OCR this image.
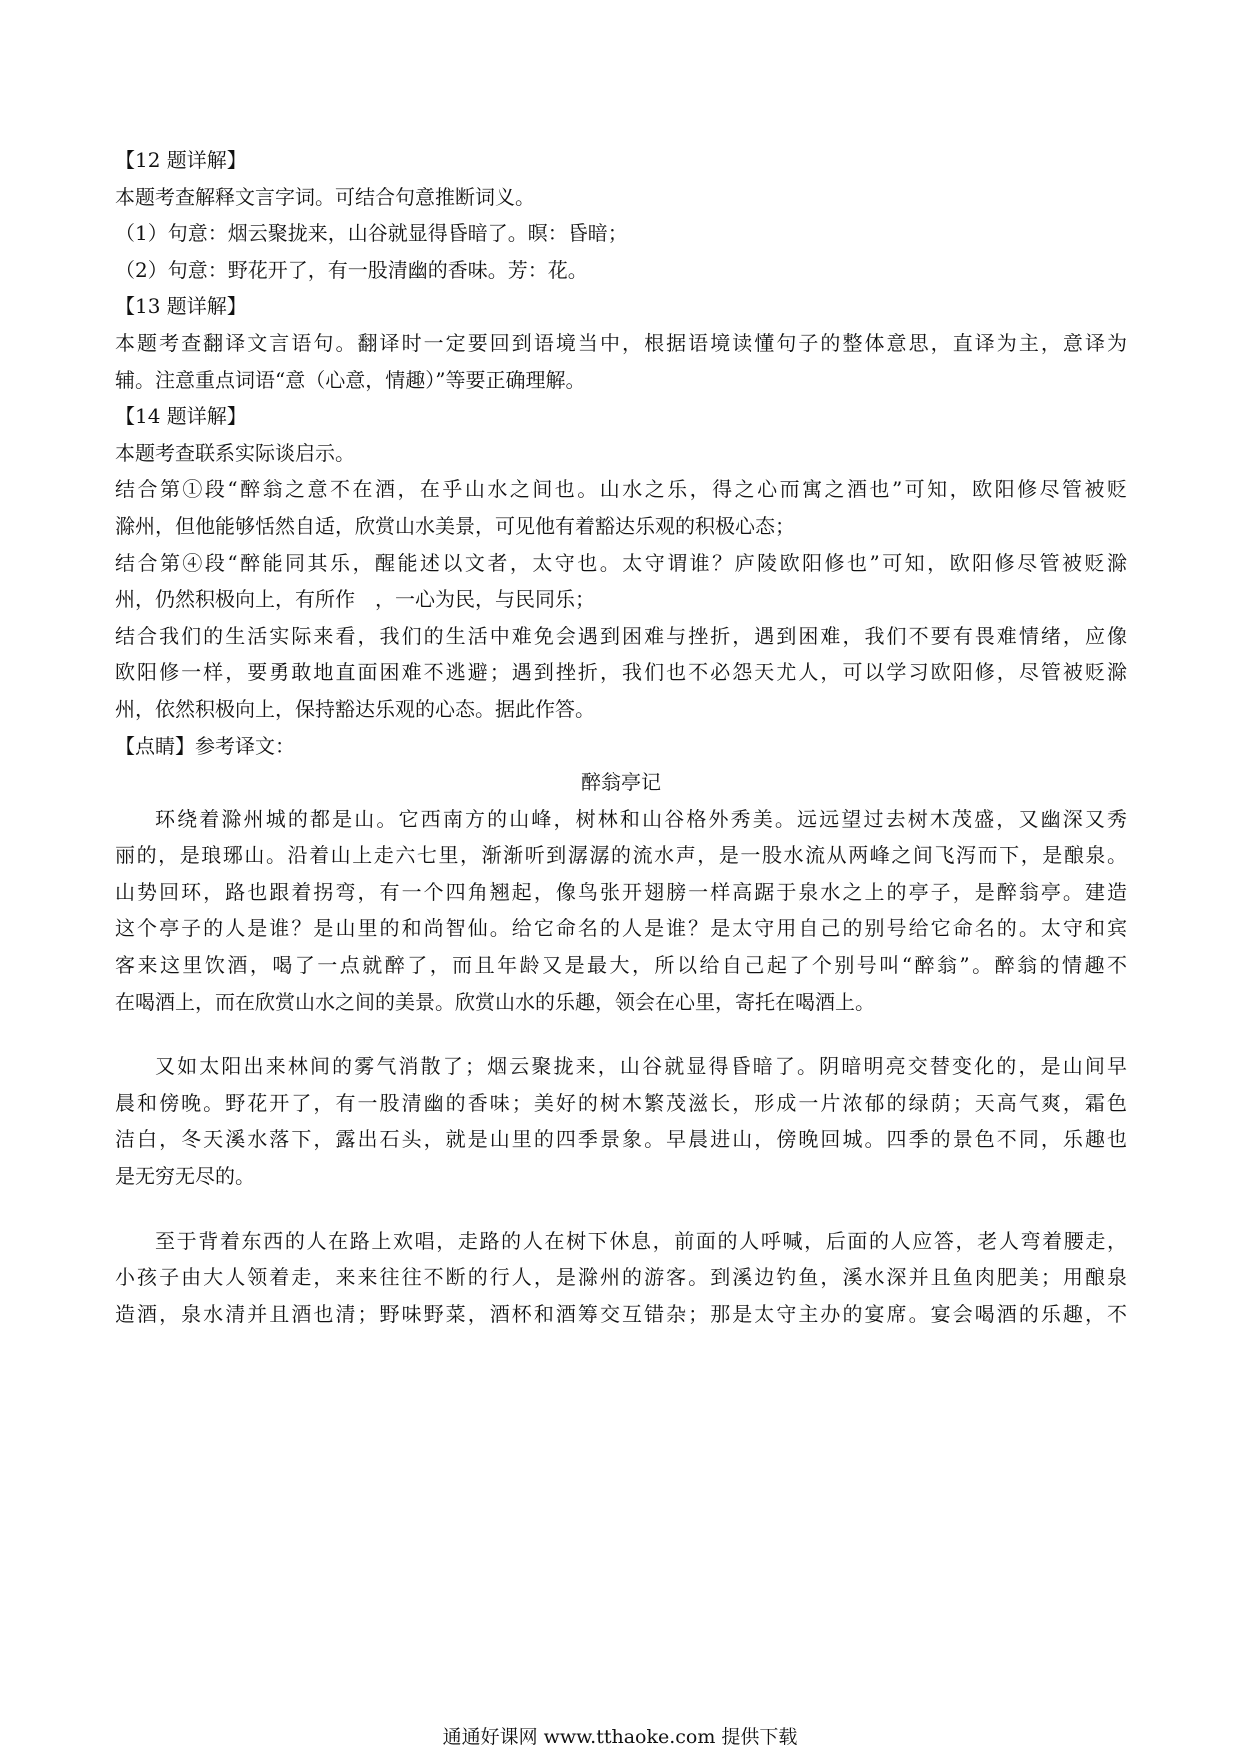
【12 题详解】
本题考查解释文言字词。可结合句意推断词义。
（1）句意：烟云聚拢来，山谷就显得昏暗了。暝：昏暗；
（2）句意：野花开了，有一股清幽的香味。芳：花。
【13 题详解】
本题考查翻译文言语句。翻译时一定要回到语境当中，根据语境读懂句子的整体意思，直译为主，意译为
辅。注意重点词语“意（心意，情趣）”等要正确理解。
【14 题详解】
本题考查联系实际谈启示。
结合第①段“醉翁之意不在酒，在乎山水之间也。山水之乐，得之心而寓之酒也”可知，欧阳修尽管被贬
滁州，但他能够恬然自适，欣赏山水美景，可见他有着豁达乐观的积极心态；
结合第④段“醉能同其乐，醒能述以文者，太守也。太守谓谁？庐陵欧阳修也”可知，欧阳修尽管被贬滁
州，仍然积极向上，有所作　，一心为民，与民同乐；
结合我们的生活实际来看，我们的生活中难免会遇到困难与挫折，遇到困难，我们不要有畏难情绪，应像
欧阳修一样，要勇敢地直面困难不逃避；遇到挫折，我们也不必怨天尤人，可以学习欧阳修，尽管被贬滁
州，依然积极向上，保持豁达乐观的心态。据此作答。
【点睛】参考译文：
醉翁亭记
环绕着滁州城的都是山。它西南方的山峰，树林和山谷格外秀美。远远望过去树木茂盛，又幽深又秀
丽的，是琅琊山。沿着山上走六七里，渐渐听到潺潺的流水声，是一股水流从两峰之间飞泻而下，是酿泉。
山势回环，路也跟着拐弯，有一个四角翘起，像鸟张开翅膀一样高踞于泉水之上的亭子，是醉翁亭。建造
这个亭子的人是谁？是山里的和尚智仙。给它命名的人是谁？是太守用自己的别号给它命名的。太守和宾
客来这里饮酒，喝了一点就醉了，而且年龄又是最大，所以给自己起了个别号叫“醉翁”。醉翁的情趣不
在喝酒上，而在欣赏山水之间的美景。欣赏山水的乐趣，领会在心里，寄托在喝酒上。
又如太阳出来林间的雾气消散了；烟云聚拢来，山谷就显得昏暗了。阴暗明亮交替变化的，是山间早
晨和傍晚。野花开了，有一股清幽的香味；美好的树木繁茂滋长，形成一片浓郁的绿荫；天高气爽，霜色
洁白，冬天溪水落下，露出石头，就是山里的四季景象。早晨进山，傍晚回城。四季的景色不同，乐趣也
是无穷无尽的。
至于背着东西的人在路上欢唱，走路的人在树下休息，前面的人呼喊，后面的人应答，老人弯着腰走，
小孩子由大人领着走，来来往往不断的行人，是滁州的游客。到溪边钓鱼，溪水深并且鱼肉肥美；用酿泉
造酒，泉水清并且酒也清；野味野菜，酒杯和酒筹交互错杂；那是太守主办的宴席。宴会喝酒的乐趣，不
通通好课网 www.tthaoke.com 提供下载
